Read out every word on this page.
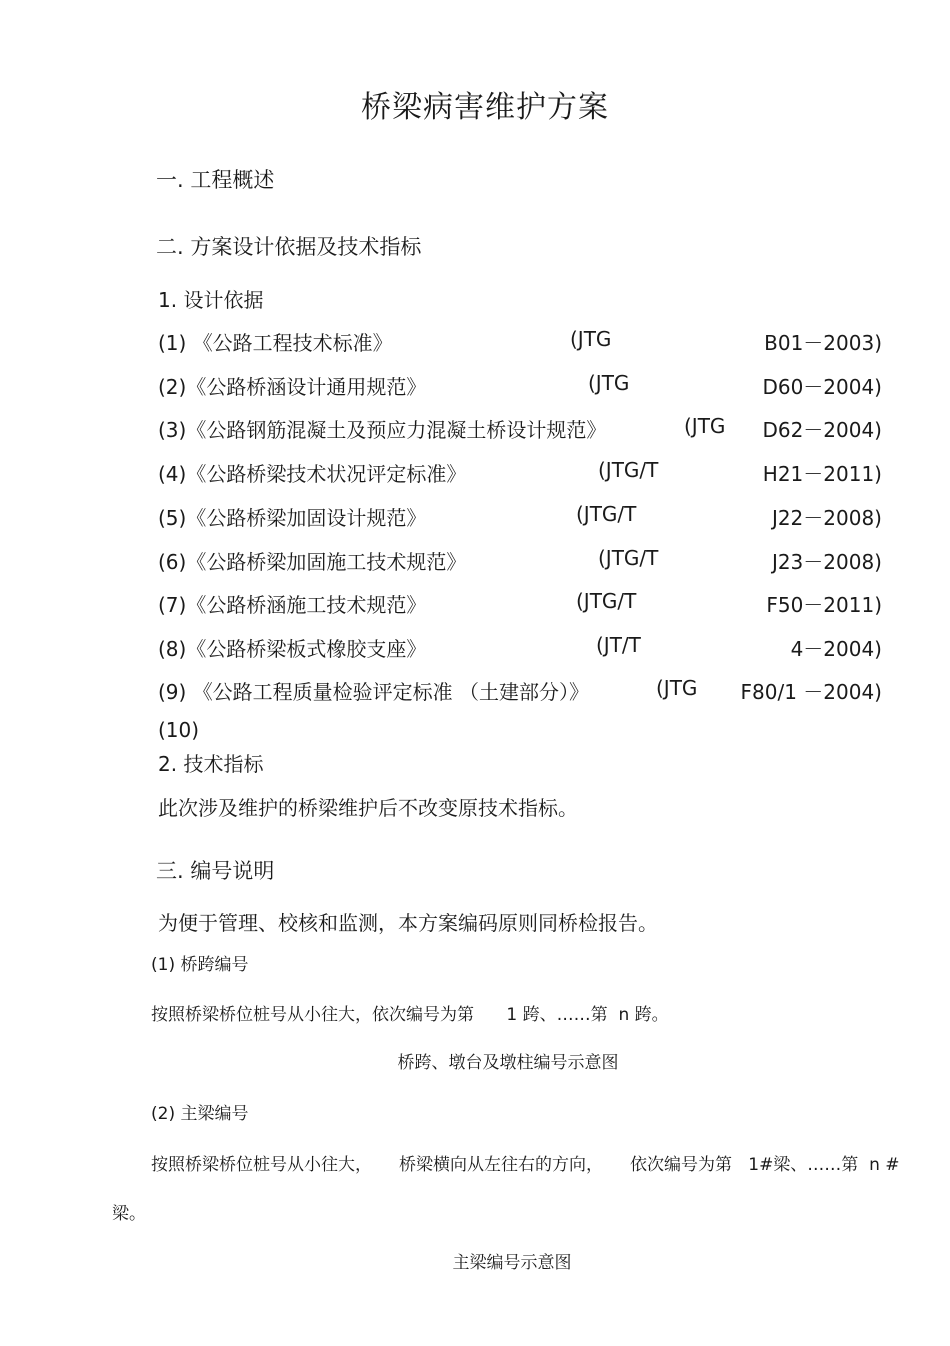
桥梁病害维护方案
一. 工程概述
二. 方案设计依据及技术指标
1. 设计依据
(1) 《公路工程技术标准》	(JTG	B01－2003)
(2)《公路桥涵设计通用规范》	(JTG	D60－2004)
(3)《公路钢筋混凝土及预应力混凝土桥设计规范》	(JTG D62－2004)
(4)《公路桥梁技术状况评定标准》	(JTG/T	H21－2011)
(5)《公路桥梁加固设计规范》	(JTG/T	J22－2008)
(6)《公路桥梁加固施工技术规范》	(JTG/T	J23－2008)
(7)《公路桥涵施工技术规范》	(JTG/T	F50－2011)
(8)《公路桥梁板式橡胶支座》	(JT/T	4－2004)
(9) 《公路工程质量检验评定标准 （土建部分）》	(JTG F80/1 －2004)
(10)
2. 技术指标
此次涉及维护的桥梁维护后不改变原技术指标。
三. 编号说明
为便于管理、校核和监测，本方案编码原则同桥检报告。
(1) 桥跨编号
按照桥梁桥位桩号从小往大，依次编号为第      1 跨、……第  n 跨。
桥跨、墩台及墩柱编号示意图
(2) 主梁编号
按照桥梁桥位桩号从小往大，     桥梁横向从左往右的方向，     依次编号为第   1#梁、……第  n #
梁。
主梁编号示意图
